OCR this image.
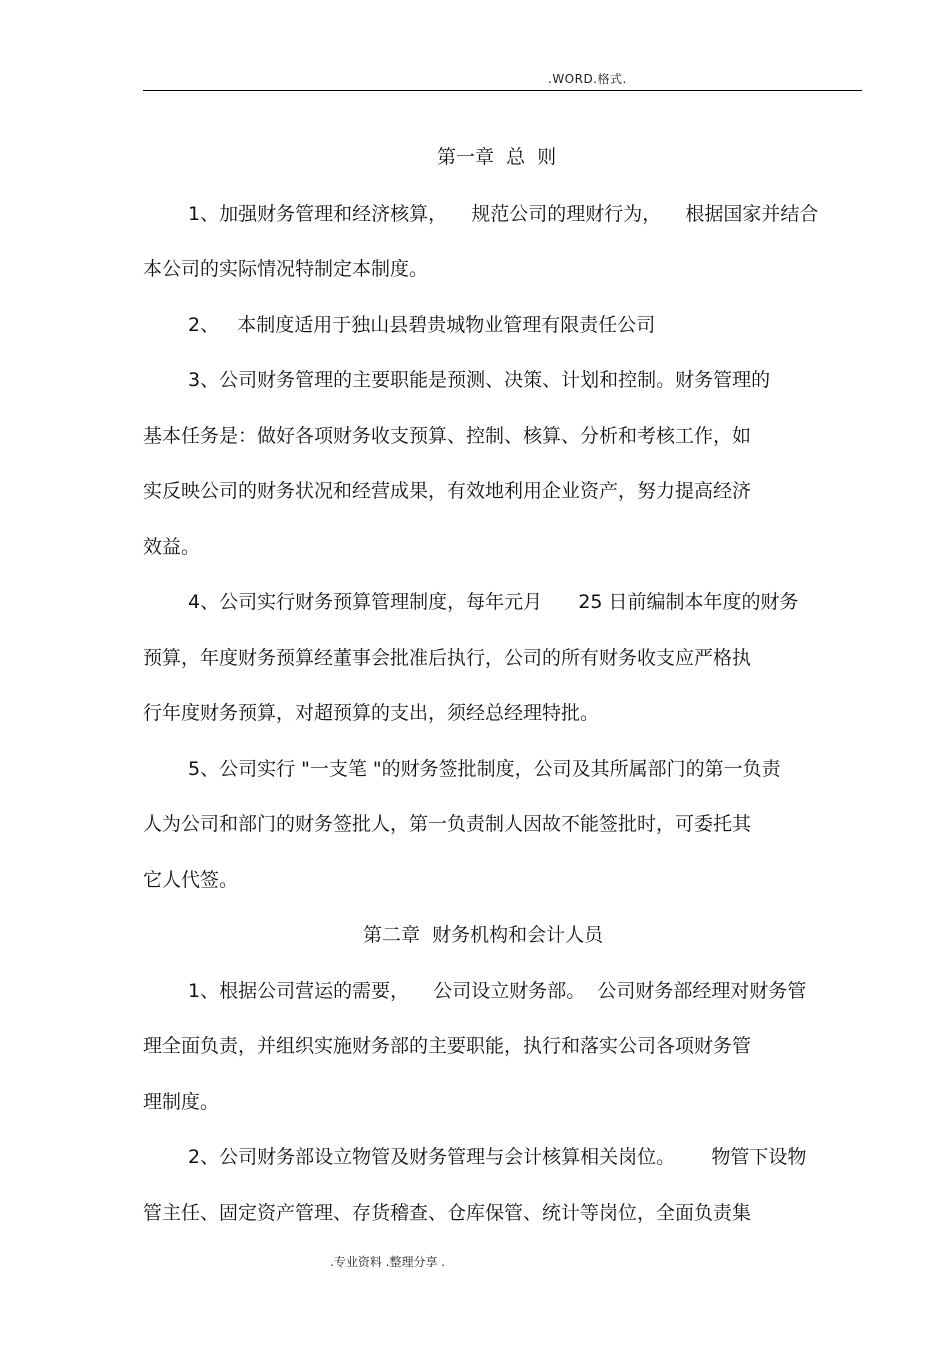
.WORD.格式.
第一章  总  则
1、加强财务管理和经济核算，    规范公司的理财行为，    根据国家并结合
本公司的实际情况特制定本制度。
2、   本制度适用于独山县碧贵城物业管理有限责任公司
3、公司财务管理的主要职能是预测、决策、计划和控制。财务管理的
基本任务是：做好各项财务收支预算、控制、核算、分析和考核工作，如
实反映公司的财务状况和经营成果，有效地利用企业资产，努力提高经济
效益。
4、公司实行财务预算管理制度，每年元月      25 日前编制本年度的财务
预算，年度财务预算经董事会批准后执行，公司的所有财务收支应严格执
行年度财务预算，对超预算的支出，须经总经理特批。
5、公司实行 "一支笔 "的财务签批制度，公司及其所属部门的第一负责
人为公司和部门的财务签批人，第一负责制人因故不能签批时，可委托其
它人代签。
第二章  财务机构和会计人员
1、根据公司营运的需要，    公司设立财务部。  公司财务部经理对财务管
理全面负责，并组织实施财务部的主要职能，执行和落实公司各项财务管
理制度。
2、公司财务部设立物管及财务管理与会计核算相关岗位。      物管下设物
管主任、固定资产管理、存货稽查、仓库保管、统计等岗位，全面负责集
.专业资料 .整理分享 .
